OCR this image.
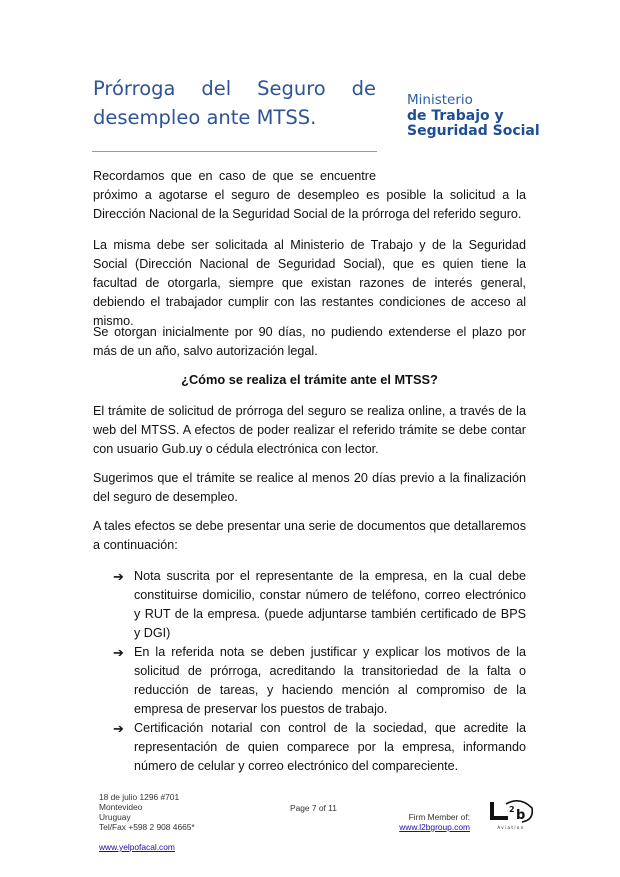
Prórroga del Seguro de
desempleo ante MTSS.
Ministerio
de Trabajo y
Seguridad Social
Recordamos que en caso de que se encuentre
próximo a agotarse el seguro de desempleo es posible la solicitud a la Dirección Nacional de la Seguridad Social de la prórroga del referido seguro.
La misma debe ser solicitada al Ministerio de Trabajo y de la Seguridad Social (Dirección Nacional de Seguridad Social), que es quien tiene la facultad de otorgarla, siempre que existan razones de interés general, debiendo el trabajador cumplir con las restantes condiciones de acceso al mismo.
Se otorgan inicialmente por 90 días, no pudiendo extenderse el plazo por más de un año, salvo autorización legal.
¿Cómo se realiza el trámite ante el MTSS?
El trámite de solicitud de prórroga del seguro se realiza online, a través de la web del MTSS. A efectos de poder realizar el referido trámite se debe contar con usuario Gub.uy o cédula electrónica con lector.
Sugerimos que el trámite se realice al menos 20 días previo a la finalización del seguro de desempleo.
A tales efectos se debe presentar una serie de documentos que detallaremos a continuación:
➔ Nota suscrita por el representante de la empresa, en la cual debe constituirse domicilio, constar número de teléfono, correo electrónico y RUT de la empresa. (puede adjuntarse también certificado de BPS y DGI)
➔ En la referida nota se deben justificar y explicar los motivos de la solicitud de prórroga, acreditando la transitoriedad de la falta o reducción de tareas, y haciendo mención al compromiso de la empresa de preservar los puestos de trabajo.
➔ Certificación notarial con control de la sociedad, que acredite la representación de quien comparece por la empresa, informando número de celular y correo electrónico del compareciente.
18 de julio 1296 #701
Montevideo
Uruguay
Tel/Fax +598 2 908 4665*
www.yelpofacal.com
Page 7 of 11
Firm Member of:
www.l2bgroup.com
2 b
Aviation
